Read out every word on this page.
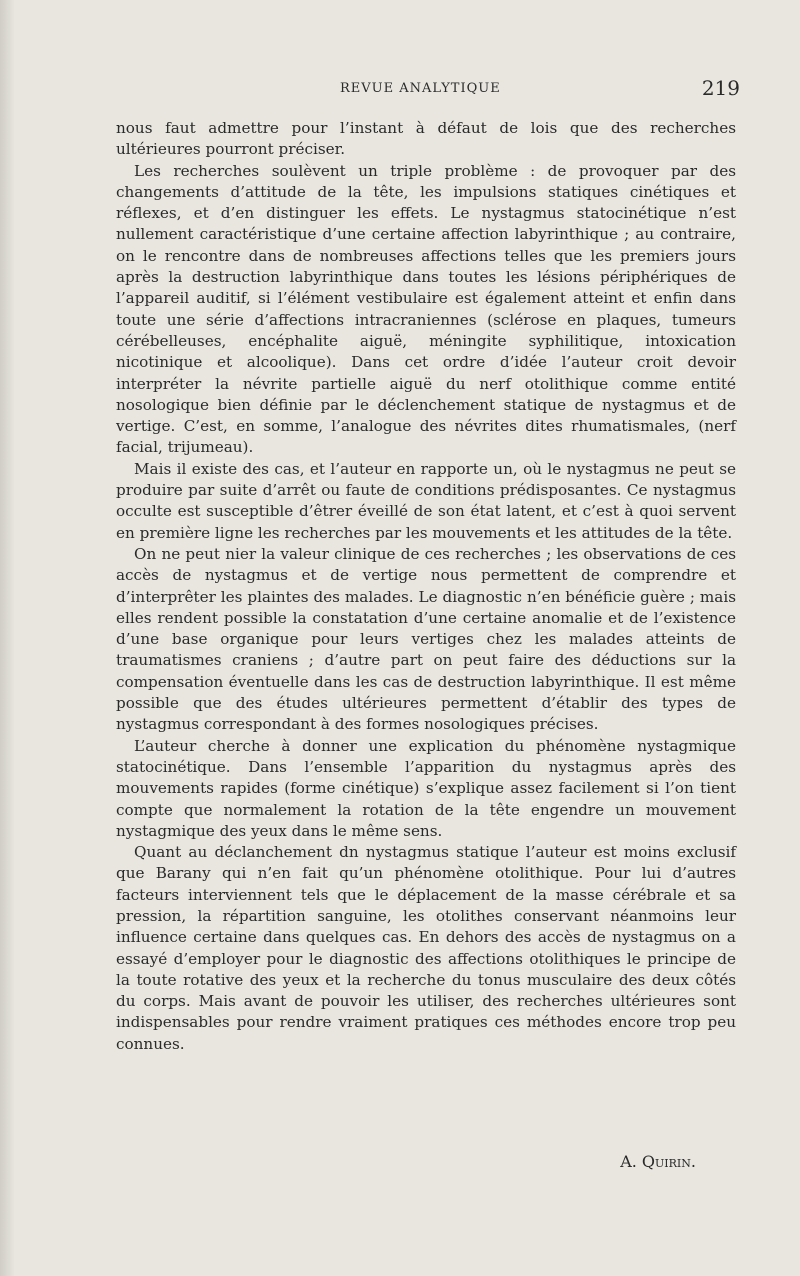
REVUE ANALYTIQUE	219

nous faut admettre pour l’instant à défaut de lois que des recherches ultérieures pourront préciser.

Les recherches soulèvent un triple problème : de provoquer par des changements d’attitude de la tête, les impulsions statiques cinétiques et réflexes, et d’en distinguer les effets. Le nystagmus statocinétique n’est nullement caractéristique d’une certaine affection labyrinthique ; au contraire, on le rencontre dans de nombreuses affections telles que les premiers jours après la destruction labyrinthique dans toutes les lésions périphériques de l’appareil auditif, si l’élément vestibulaire est également atteint et enfin dans toute une série d’affections intracraniennes (sclérose en plaques, tumeurs cérébelleuses, encéphalite aiguë, méningite syphilitique, intoxication nicotinique et alcoolique). Dans cet ordre d’idée l’auteur croit devoir interpréter la névrite partielle aiguë du nerf otolithique comme entité nosologique bien définie par le déclenchement statique de nystagmus et de vertige. C’est, en somme, l’analogue des névrites dites rhumatismales, (nerf facial, trijumeau).

Mais il existe des cas, et l’auteur en rapporte un, où le nystagmus ne peut se produire par suite d’arrêt ou faute de conditions prédisposantes. Ce nystagmus occulte est susceptible d’êtrer éveillé de son état latent, et c’est à quoi servent en première ligne les recherches par les mouvements et les attitudes de la tête.

On ne peut nier la valeur clinique de ces recherches ; les observations de ces accès de nystagmus et de vertige nous permettent de comprendre et d’interprêter les plaintes des malades. Le diagnostic n’en bénéficie guère ; mais elles rendent possible la constatation d’une certaine anomalie et de l’existence d’une base organique pour leurs vertiges chez les malades atteints de traumatismes craniens ; d’autre part on peut faire des déductions sur la compensation éventuelle dans les cas de destruction labyrinthique. Il est même possible que des études ultérieures permettent d’établir des types de nystagmus correspondant à des formes nosologiques précises.

L’auteur cherche à donner une explication du phénomène nystagmique statocinétique. Dans l’ensemble l’apparition du nystagmus après des mouvements rapides (forme cinétique) s’explique assez facilement si l’on tient compte que normalement la rotation de la tête engendre un mouvement nystagmique des yeux dans le même sens.

Quant au déclanchement dn nystagmus statique l’auteur est moins exclusif que Barany qui n’en fait qu’un phénomène otolithique. Pour lui d’autres facteurs interviennent tels que le déplacement de la masse cérébrale et sa pression, la répartition sanguine, les otolithes conservant néanmoins leur influence certaine dans quelques cas. En dehors des accès de nystagmus on a essayé d’employer pour le diagnostic des affections otolithiques le principe de la toute rotative des yeux et la recherche du tonus musculaire des deux côtés du corps. Mais avant de pouvoir les utiliser, des recherches ultérieures sont indispensables pour rendre vraiment pratiques ces méthodes encore trop peu connues.

A. Quirin.
